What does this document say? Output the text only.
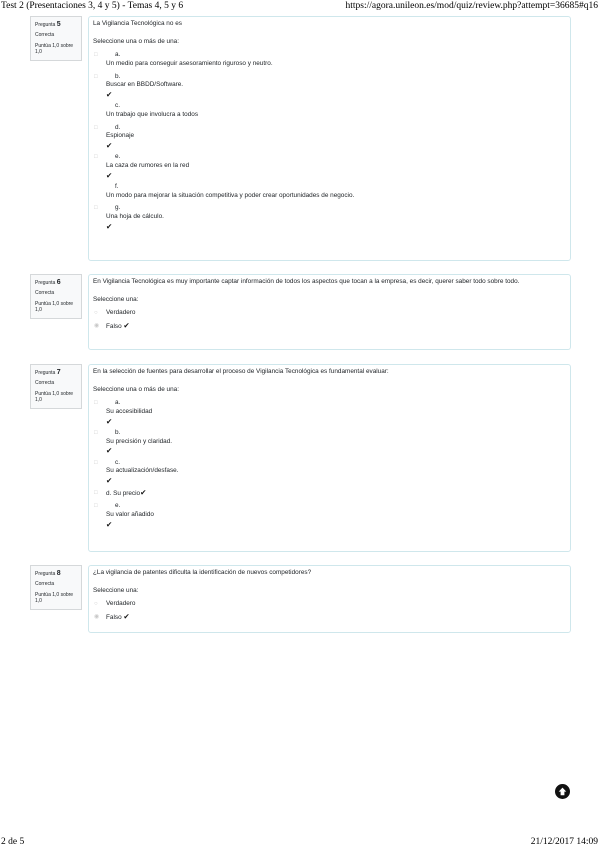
Test 2 (Presentaciones 3, 4 y 5) - Temas 4, 5 y 6	https://agora.unileon.es/mod/quiz/review.php?attempt=36685#q16
Pregunta 5
Correcta
Puntúa 1,0 sobre 1,0
La Vigilancia Tecnológica no es
Seleccione una o más de una:
□	a.
Un medio para conseguir asesoramiento riguroso y neutro.
□	b.
Buscar en BBDD/Software.
✔
c.
Un trabajo que involucra a todos
□	d.
Espionaje
✔
□	e.
La caza de rumores en la red
✔
f.
Un modo para mejorar la situación competitiva y poder crear oportunidades de negocio.
□	g.
Una hoja de cálculo.
✔
Pregunta 6
Correcta
Puntúa 1,0 sobre 1,0
En Vigilancia Tecnológica es muy importante captar información de todos los aspectos que tocan a la empresa, es decir, querer saber todo sobre todo.
Seleccione una:
○ Verdadero
◉ Falso ✔
Pregunta 7
Correcta
Puntúa 1,0 sobre 1,0
En la selección de fuentes para desarrollar el proceso de Vigilancia Tecnológica es fundamental evaluar:
Seleccione una o más de una:
□	a.
Su accesibilidad
✔
□	b.
Su precisión y claridad.
✔
□	c.
Su actualización/desfase.
✔
□ d. Su precio✔
□	e.
Su valor añadido
✔
Pregunta 8
Correcta
Puntúa 1,0 sobre 1,0
¿La vigilancia de patentes dificulta la identificación de nuevos competidores?
Seleccione una:
○ Verdadero
◉ Falso ✔
2 de 5	21/12/2017 14:09
